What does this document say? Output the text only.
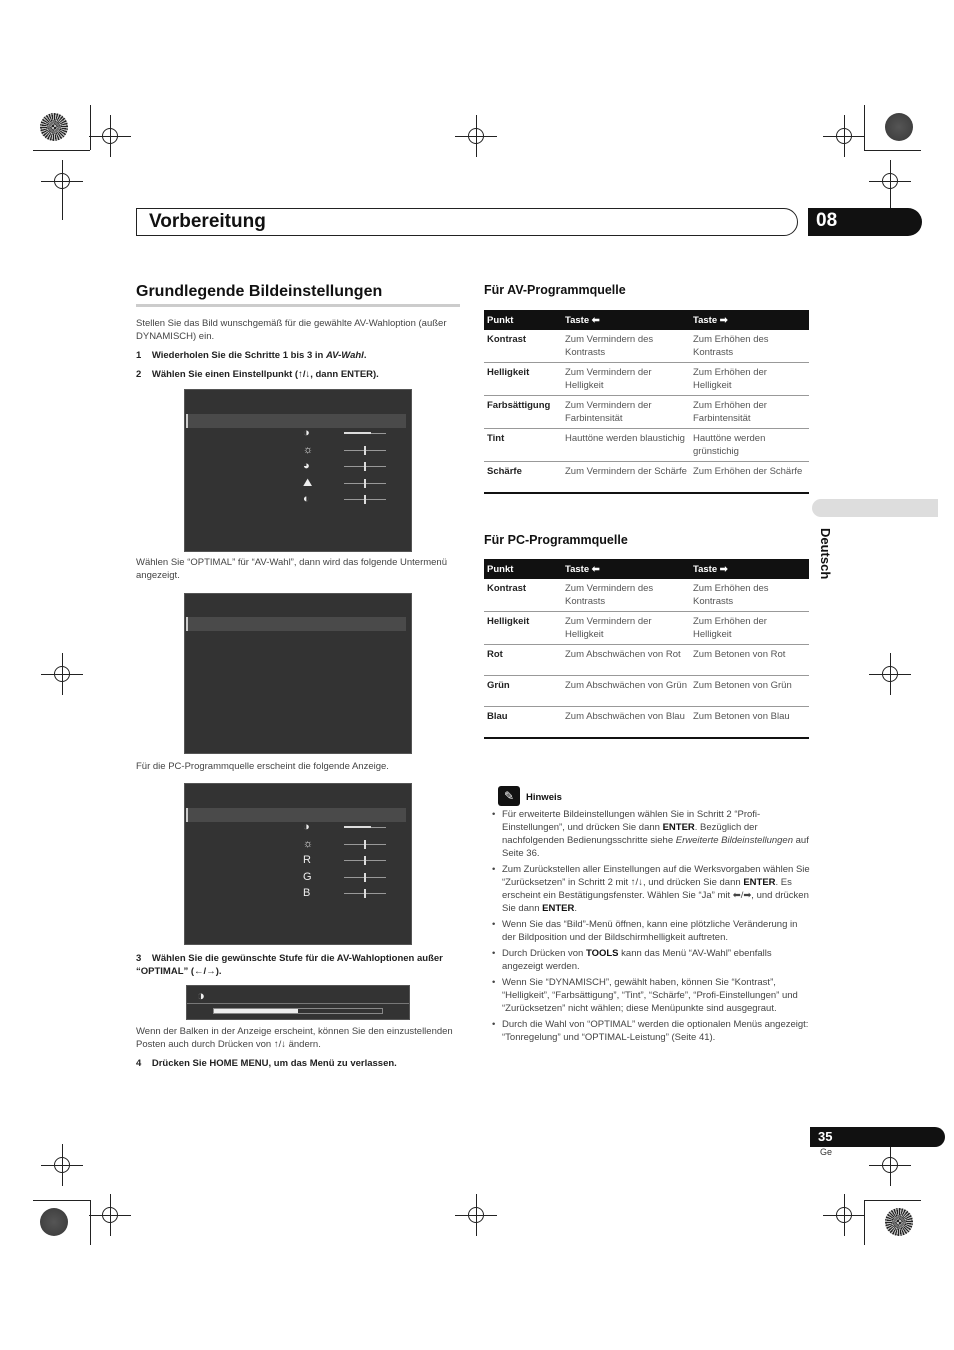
Vorbereitung	08
Deutsch
Grundlegende Bildeinstellungen
Stellen Sie das Bild wunschgemäß für die gewählte AV-Wahloption (außer DYNAMISCH) ein.
1 Wiederholen Sie die Schritte 1 bis 3 in AV-Wahl.
2 Wählen Sie einen Einstellpunkt (↑/↓, dann ENTER).
◑
☼
◕
⛰
◐
Wählen Sie “OPTIMAL” für “AV-Wahl”, dann wird das folgende Untermenü angezeigt.
Für die PC-Programmquelle erscheint die folgende Anzeige.
◑
☼
R
G
B
3 Wählen Sie die gewünschte Stufe für die AV-Wahloptionen außer “OPTIMAL” (←/→).
◑
Wenn der Balken in der Anzeige erscheint, können Sie den einzustellenden Posten auch durch Drücken von ↑/↓ ändern.
4 Drücken Sie HOME MENU, um das Menü zu verlassen.
Für AV-Programmquelle
Punkt	Taste ⬅	Taste ➡
Kontrast	Zum Vermindern des Kontrasts	Zum Erhöhen des Kontrasts
Helligkeit	Zum Vermindern der Helligkeit	Zum Erhöhen der Helligkeit
Farbsättigung	Zum Vermindern der Farbintensität	Zum Erhöhen der Farbintensität
Tint	Hauttöne werden blaustichig	Hauttöne werden grünstichig
Schärfe	Zum Vermindern der Schärfe	Zum Erhöhen der Schärfe
Für PC-Programmquelle
Punkt	Taste ⬅	Taste ➡
Kontrast	Zum Vermindern des Kontrasts	Zum Erhöhen des Kontrasts
Helligkeit	Zum Vermindern der Helligkeit	Zum Erhöhen der Helligkeit
Rot	Zum Abschwächen von Rot	Zum Betonen von Rot
Grün	Zum Abschwächen von Grün	Zum Betonen von Grün
Blau	Zum Abschwächen von Blau	Zum Betonen von Blau
✎	Hinweis
• Für erweiterte Bildeinstellungen wählen Sie in Schritt 2 “Profi-Einstellungen”, und drücken Sie dann ENTER. Bezüglich der nachfolgenden Bedienungsschritte siehe Erweiterte Bildeinstellungen auf Seite 36.
• Zum Zurückstellen aller Einstellungen auf die Werksvorgaben wählen Sie “Zurücksetzen” in Schritt 2 mit ↑/↓, und drücken Sie dann ENTER. Es erscheint ein Bestätigungsfenster. Wählen Sie “Ja” mit ⬅/➡, und drücken Sie dann ENTER.
• Wenn Sie das “Bild”-Menü öffnen, kann eine plötzliche Veränderung in der Bildposition und der Bildschirmhelligkeit auftreten.
• Durch Drücken von TOOLS kann das Menü “AV-Wahl” ebenfalls angezeigt werden.
• Wenn Sie “DYNAMISCH”, gewählt haben, können Sie “Kontrast”, “Helligkeit”, “Farbsättigung”, “Tint”, “Schärfe”, “Profi-Einstellungen” und “Zurücksetzen” nicht wählen; diese Menüpunkte sind ausgegraut.
• Durch die Wahl von “OPTIMAL” werden die optionalen Menüs angezeigt: “Tonregelung” und “OPTIMAL-Leistung” (Seite 41).
35
Ge
